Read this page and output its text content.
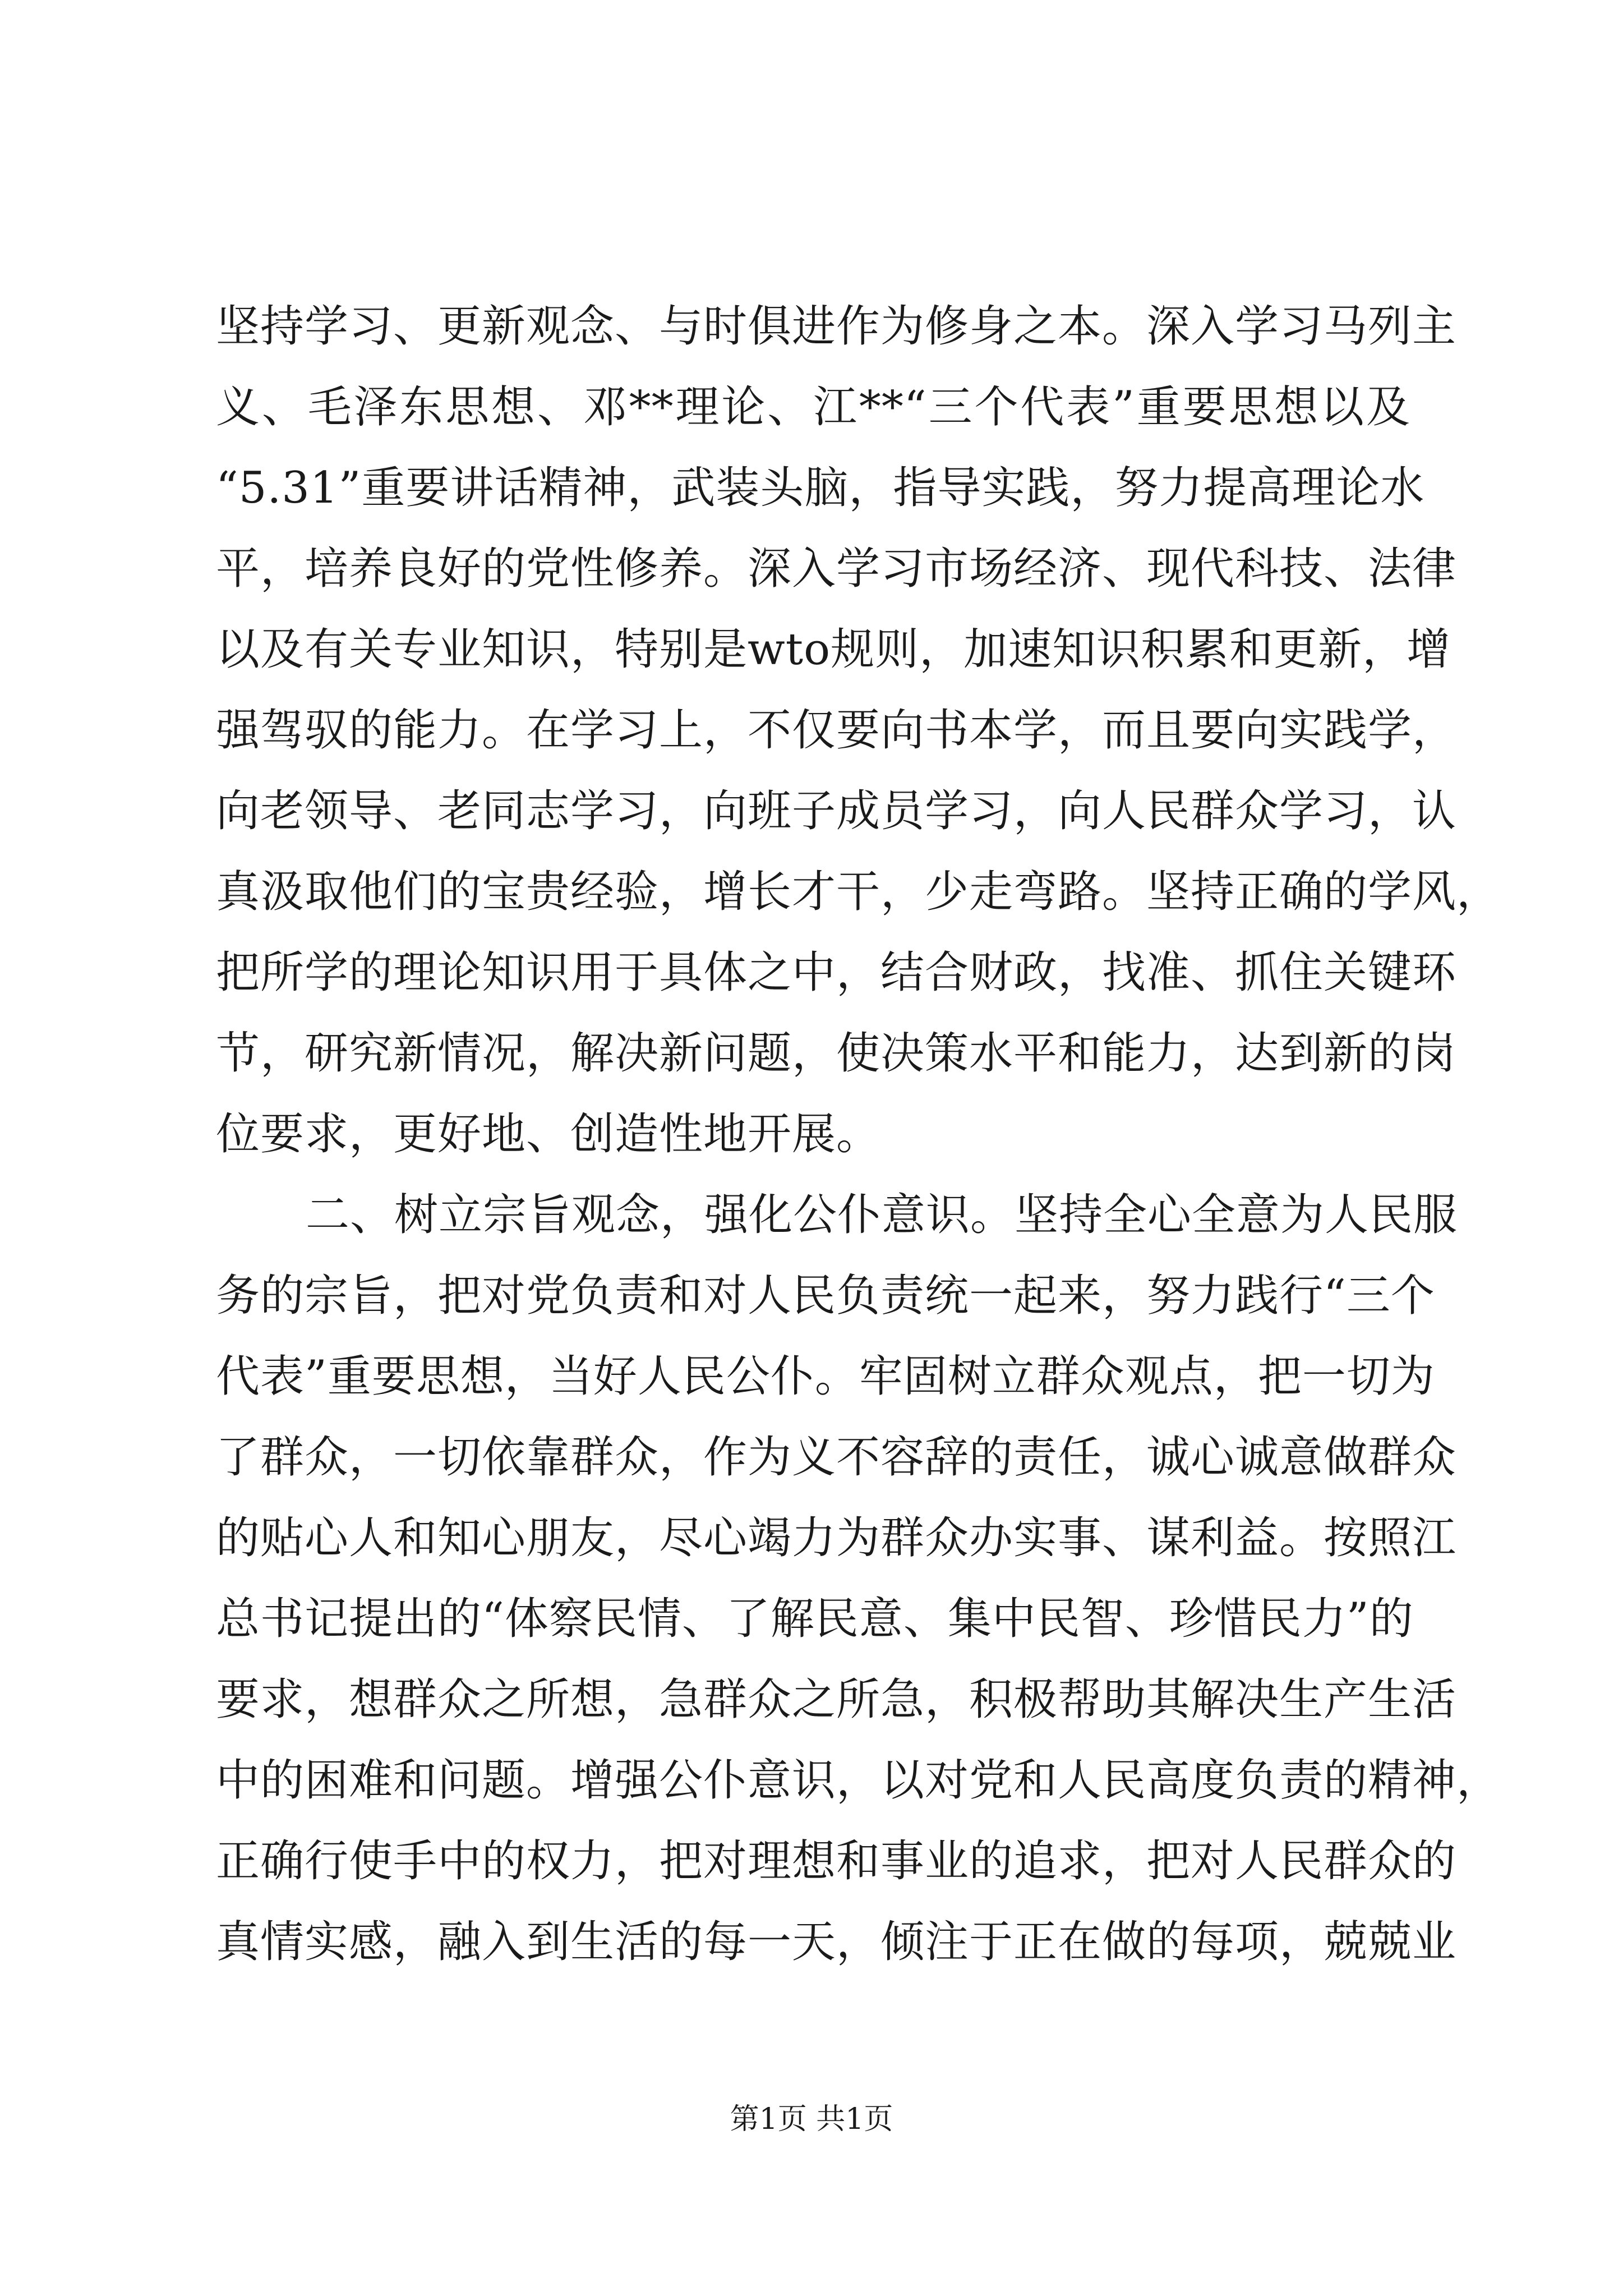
坚持学习、更新观念、与时俱进作为修身之本。深入学习马列主
义、毛泽东思想、邓**理论、江**“三个代表”重要思想以及
“5.31”重要讲话精神，武装头脑，指导实践，努力提高理论水
平，培养良好的党性修养。深入学习市场经济、现代科技、法律
以及有关专业知识，特别是wto规则，加速知识积累和更新，增
强驾驭的能力。在学习上，不仅要向书本学，而且要向实践学，
向老领导、老同志学习，向班子成员学习，向人民群众学习，认
真汲取他们的宝贵经验，增长才干，少走弯路。坚持正确的学风，
把所学的理论知识用于具体之中，结合财政，找准、抓住关键环
节，研究新情况，解决新问题，使决策水平和能力，达到新的岗
位要求，更好地、创造性地开展。
二、树立宗旨观念，强化公仆意识。坚持全心全意为人民服
务的宗旨，把对党负责和对人民负责统一起来，努力践行“三个
代表”重要思想，当好人民公仆。牢固树立群众观点，把一切为
了群众，一切依靠群众，作为义不容辞的责任，诚心诚意做群众
的贴心人和知心朋友，尽心竭力为群众办实事、谋利益。按照江
总书记提出的“体察民情、了解民意、集中民智、珍惜民力”的
要求，想群众之所想，急群众之所急，积极帮助其解决生产生活
中的困难和问题。增强公仆意识，以对党和人民高度负责的精神，
正确行使手中的权力，把对理想和事业的追求，把对人民群众的
真情实感，融入到生活的每一天，倾注于正在做的每项，兢兢业
第1页 共1页
